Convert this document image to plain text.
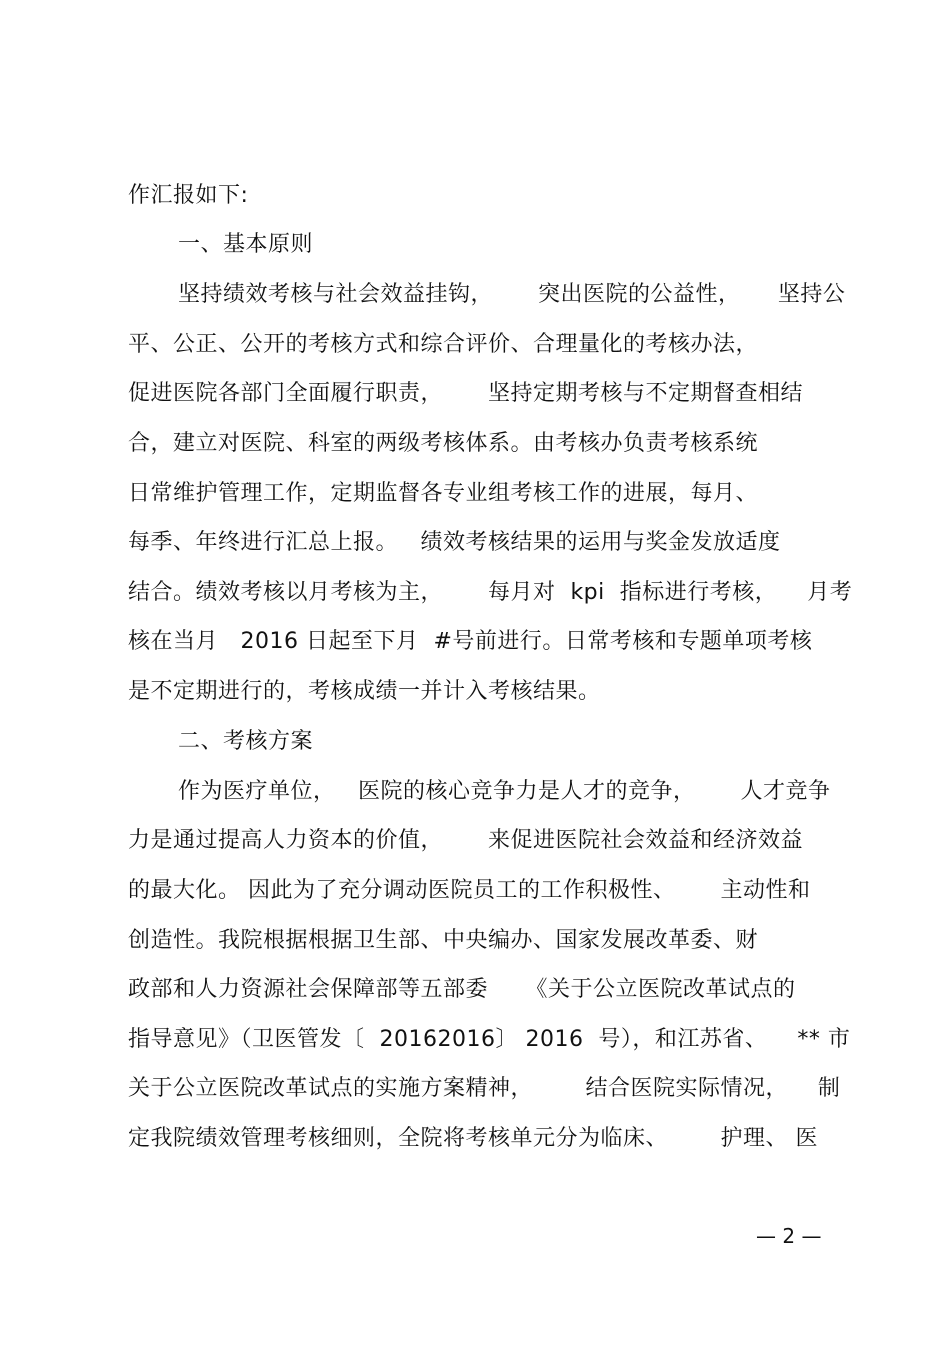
作汇报如下:
一、基本原则
坚持绩效考核与社会效益挂钩，      突出医院的公益性，     坚持公
平、公正、公开的考核方式和综合评价、合理量化的考核办法，
促进医院各部门全面履行职责，      坚持定期考核与不定期督查相结
合，建立对医院、科室的两级考核体系。由考核办负责考核系统
日常维护管理工作，定期监督各专业组考核工作的进展，每月、
每季、年终进行汇总上报。   绩效考核结果的运用与奖金发放适度
结合。绩效考核以月考核为主，      每月对  kpi  指标进行考核，    月考
核在当月   2016 日起至下月  #号前进行。日常考核和专题单项考核
是不定期进行的，考核成绩一并计入考核结果。
二、考核方案
作为医疗单位，   医院的核心竞争力是人才的竞争，      人才竞争
力是通过提高人力资本的价值，      来促进医院社会效益和经济效益
的最大化。 因此为了充分调动医院员工的工作积极性、      主动性和
创造性。我院根据根据卫生部、中央编办、国家发展改革委、财
政部和人力资源社会保障部等五部委     《关于公立医院改革试点的
指导意见》（卫医管发〔  20162016〕 2016  号），和江苏省、    ** 市
关于公立医院改革试点的实施方案精神，       结合医院实际情况，    制
定我院绩效管理考核细则，全院将考核单元分为临床、       护理、 医
— 2 —
